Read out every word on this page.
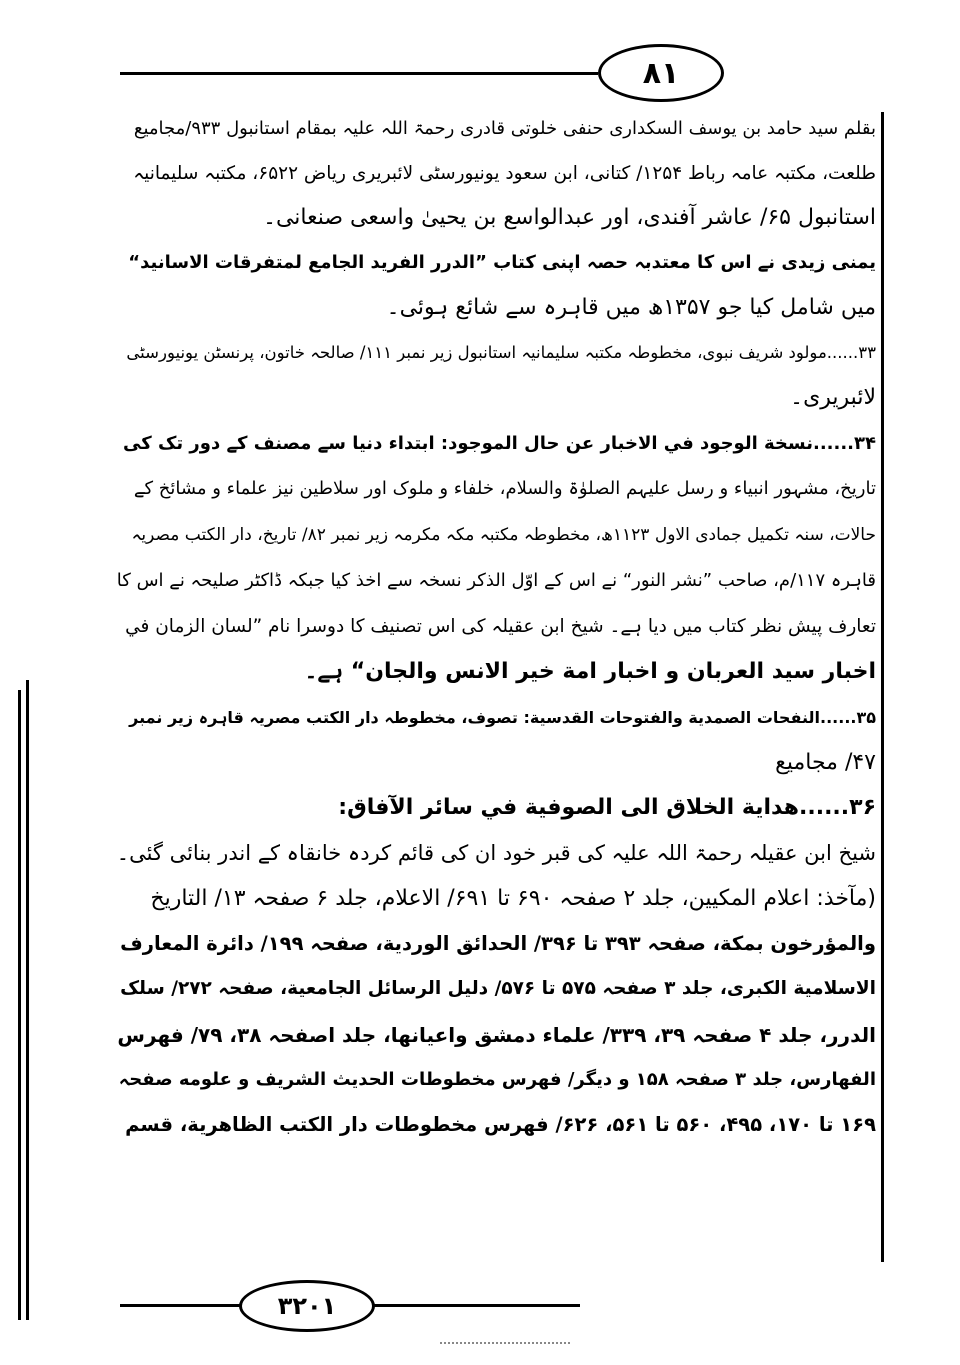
۸۱
۳۲۰۱
بقلم سید حامد بن یوسف السکداری حنفی خلوتی قادری رحمۃ اللہ علیہ بمقام استانبول ۹۳۳/مجامیع
طلعت، مکتبہ عامہ رباط ۱۲۵۴/ کتانی، ابن سعود یونیورسٹی لائبریری ریاض ۶۵۲۲، مکتبہ سلیمانیہ
استانبول ۶۵/ عاشر آفندی، اور عبدالواسع بن یحییٰ واسعی صنعانی۔
یمنی زیدی نے اس کا معتدبہ حصہ اپنی کتاب ”الدرر الفريد الجامع لمتفرقات الاسانيد“
میں شامل کیا جو ۱۳۵۷ھ میں قاہرہ سے شائع ہوئی۔
۳۳......مولود شریف نبوی، مخطوطہ مکتبہ سلیمانیہ استانبول زیر نمبر ۱۱۱/ صالحہ خاتون، پرنسٹن یونیورسٹی
لائبریری۔
۳۴......نسخة الوجود في الاخبار عن حال الموجود: ابتداء دنیا سے مصنف کے دور تک کی
تاریخ، مشہور انبیاء و رسل علیہم الصلوٰۃ والسلام، خلفاء و ملوک اور سلاطین نیز علماء و مشائخ کے
حالات، سنہ تکمیل جمادی الاول ۱۱۲۳ھ، مخطوطہ مکتبہ مکہ مکرمہ زیر نمبر ۸۲/ تاریخ، دار الکتب مصریہ
قاہرہ ۱۱۷/م، صاحب ”نشر النور“ نے اس کے اوّل الذکر نسخہ سے اخذ کیا جبکہ ڈاکٹر صلیحہ نے اس کا
تعارف پیش نظر کتاب میں دیا ہے۔ شیخ ابن عقیلہ کی اس تصنیف کا دوسرا نام ”لسان الزمان في
اخبار سید العربان و اخبار امة خیر الانس والجان“ ہے۔
۳۵......النفحات الصمدية والفتوحات القدسية: تصوف، مخطوطہ دار الکتب مصریہ قاہرہ زیر نمبر
۴۷/ مجامیع
۳۶......هداية الخلاق الى الصوفية في سائر الآفاق:
شیخ ابن عقیلہ رحمۃ اللہ علیہ کی قبر خود ان کی قائم کردہ خانقاہ کے اندر بنائی گئی۔
(مآخذ: اعلام المکیین، جلد ۲ صفحہ ۶۹۰ تا ۶۹۱/ الاعلام، جلد ۶ صفحہ ۱۳/ التاریخ
والمؤرخون بمکة، صفحہ ۳۹۳ تا ۳۹۶/ الحدائق الوردیة، صفحہ ۱۹۹/ دائرة المعارف
الاسلامية الكبرى، جلد ۳ صفحہ ۵۷۵ تا ۵۷۶/ دلیل الرسائل الجامعیة، صفحہ ۲۷۲/ سلک
الدرر، جلد ۴ صفحہ ۳۹، ۳۳۹/ علماء دمشق واعیانها، جلد اصفحہ ۳۸، ۷۹/ فهرس
الفهارس، جلد ۳ صفحہ ۱۵۸ و دیگر/ فهرس مخطوطات الحديث الشريف و علومه صفحہ
۱۶۹ تا ۱۷۰، ۴۹۵، ۵۶۰ تا ۵۶۱، ۶۲۶/ فهرس مخطوطات دار الکتب الظاهرية، قسم
